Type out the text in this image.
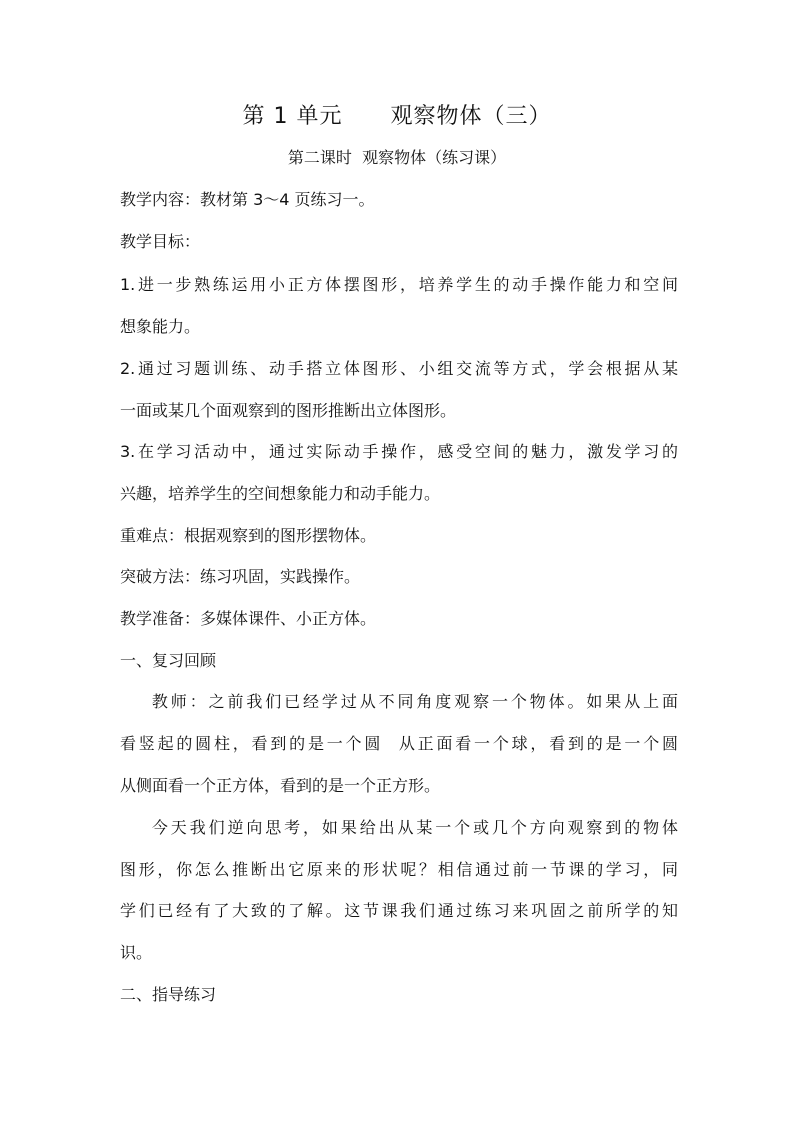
第 1 单元      观察物体（三）
第二课时  观察物体（练习课）
教学内容：教材第 3～4 页练习一。
教学目标：
1.进一步熟练运用小正方体摆图形，培养学生的动手操作能力和空间
想象能力。
2.通过习题训练、动手搭立体图形、小组交流等方式，学会根据从某
一面或某几个面观察到的图形推断出立体图形。
3.在学习活动中，通过实际动手操作，感受空间的魅力，激发学习的
兴趣，培养学生的空间想象能力和动手能力。
重难点：根据观察到的图形摆物体。
突破方法：练习巩固，实践操作。
教学准备：多媒体课件、小正方体。
一、复习回顾
教师：之前我们已经学过从不同角度观察一个物体。如果从上面
看竖起的圆柱，看到的是一个圆  从正面看一个球，看到的是一个圆
从侧面看一个正方体，看到的是一个正方形。
今天我们逆向思考，如果给出从某一个或几个方向观察到的物体
图形，你怎么推断出它原来的形状呢？相信通过前一节课的学习，同
学们已经有了大致的了解。这节课我们通过练习来巩固之前所学的知
识。
二、指导练习
